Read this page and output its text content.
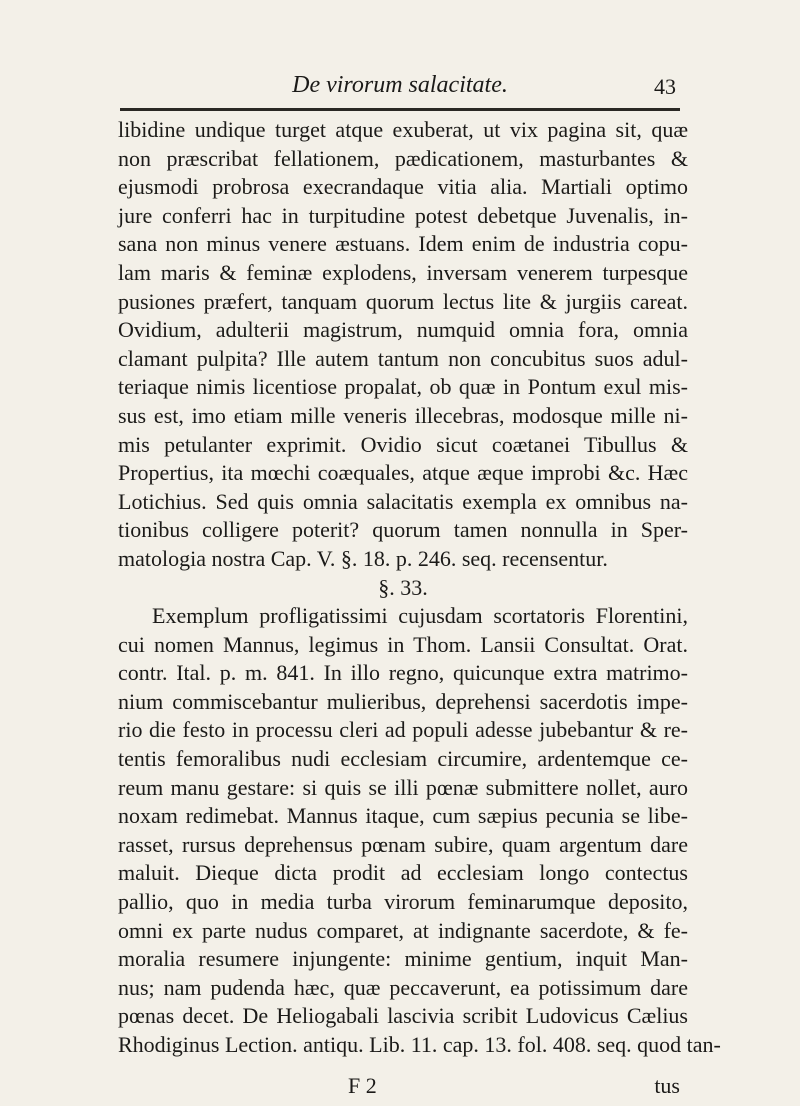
De virorum salacitate.	43
libidine undique turget atque exuberat, ut vix pagina sit, quæ
non præscribat fellationem, pædicationem, masturbantes &
ejusmodi probrosa execrandaque vitia alia. Martiali optimo
jure conferri hac in turpitudine potest debetque Juvenalis, in-
sana non minus venere æstuans. Idem enim de industria copu-
lam maris & feminæ explodens, inversam venerem turpesque
pusiones præfert, tanquam quorum lectus lite & jurgiis careat.
Ovidium, adulterii magistrum, numquid omnia fora, omnia
clamant pulpita? Ille autem tantum non concubitus suos adul-
teriaque nimis licentiose propalat, ob quæ in Pontum exul mis-
sus est, imo etiam mille veneris illecebras, modosque mille ni-
mis petulanter exprimit. Ovidio sicut coætanei Tibullus &
Propertius, ita mœchi coæquales, atque æque improbi &c. Hæc
Lotichius. Sed quis omnia salacitatis exempla ex omnibus na-
tionibus colligere poterit? quorum tamen nonnulla in Sper-
matologia nostra Cap. V. §. 18. p. 246. seq. recensentur.
§. 33.
Exemplum profligatissimi cujusdam scortatoris Florentini,
cui nomen Mannus, legimus in Thom. Lansii Consultat. Orat.
contr. Ital. p. m. 841. In illo regno, quicunque extra matrimo-
nium commiscebantur mulieribus, deprehensi sacerdotis impe-
rio die festo in processu cleri ad populi adesse jubebantur & re-
tentis femoralibus nudi ecclesiam circumire, ardentemque ce-
reum manu gestare: si quis se illi pœnæ submittere nollet, auro
noxam redimebat. Mannus itaque, cum sæpius pecunia se libe-
rasset, rursus deprehensus pœnam subire, quam argentum dare
maluit. Dieque dicta prodit ad ecclesiam longo contectus
pallio, quo in media turba virorum feminarumque deposito,
omni ex parte nudus comparet, at indignante sacerdote, & fe-
moralia resumere injungente: minime gentium, inquit Man-
nus; nam pudenda hæc, quæ peccaverunt, ea potissimum dare
pœnas decet. De Heliogabali lascivia scribit Ludovicus Cælius
Rhodiginus Lection. antiqu. Lib. 11. cap. 13. fol. 408. seq. quod tan-
F 2	tus
